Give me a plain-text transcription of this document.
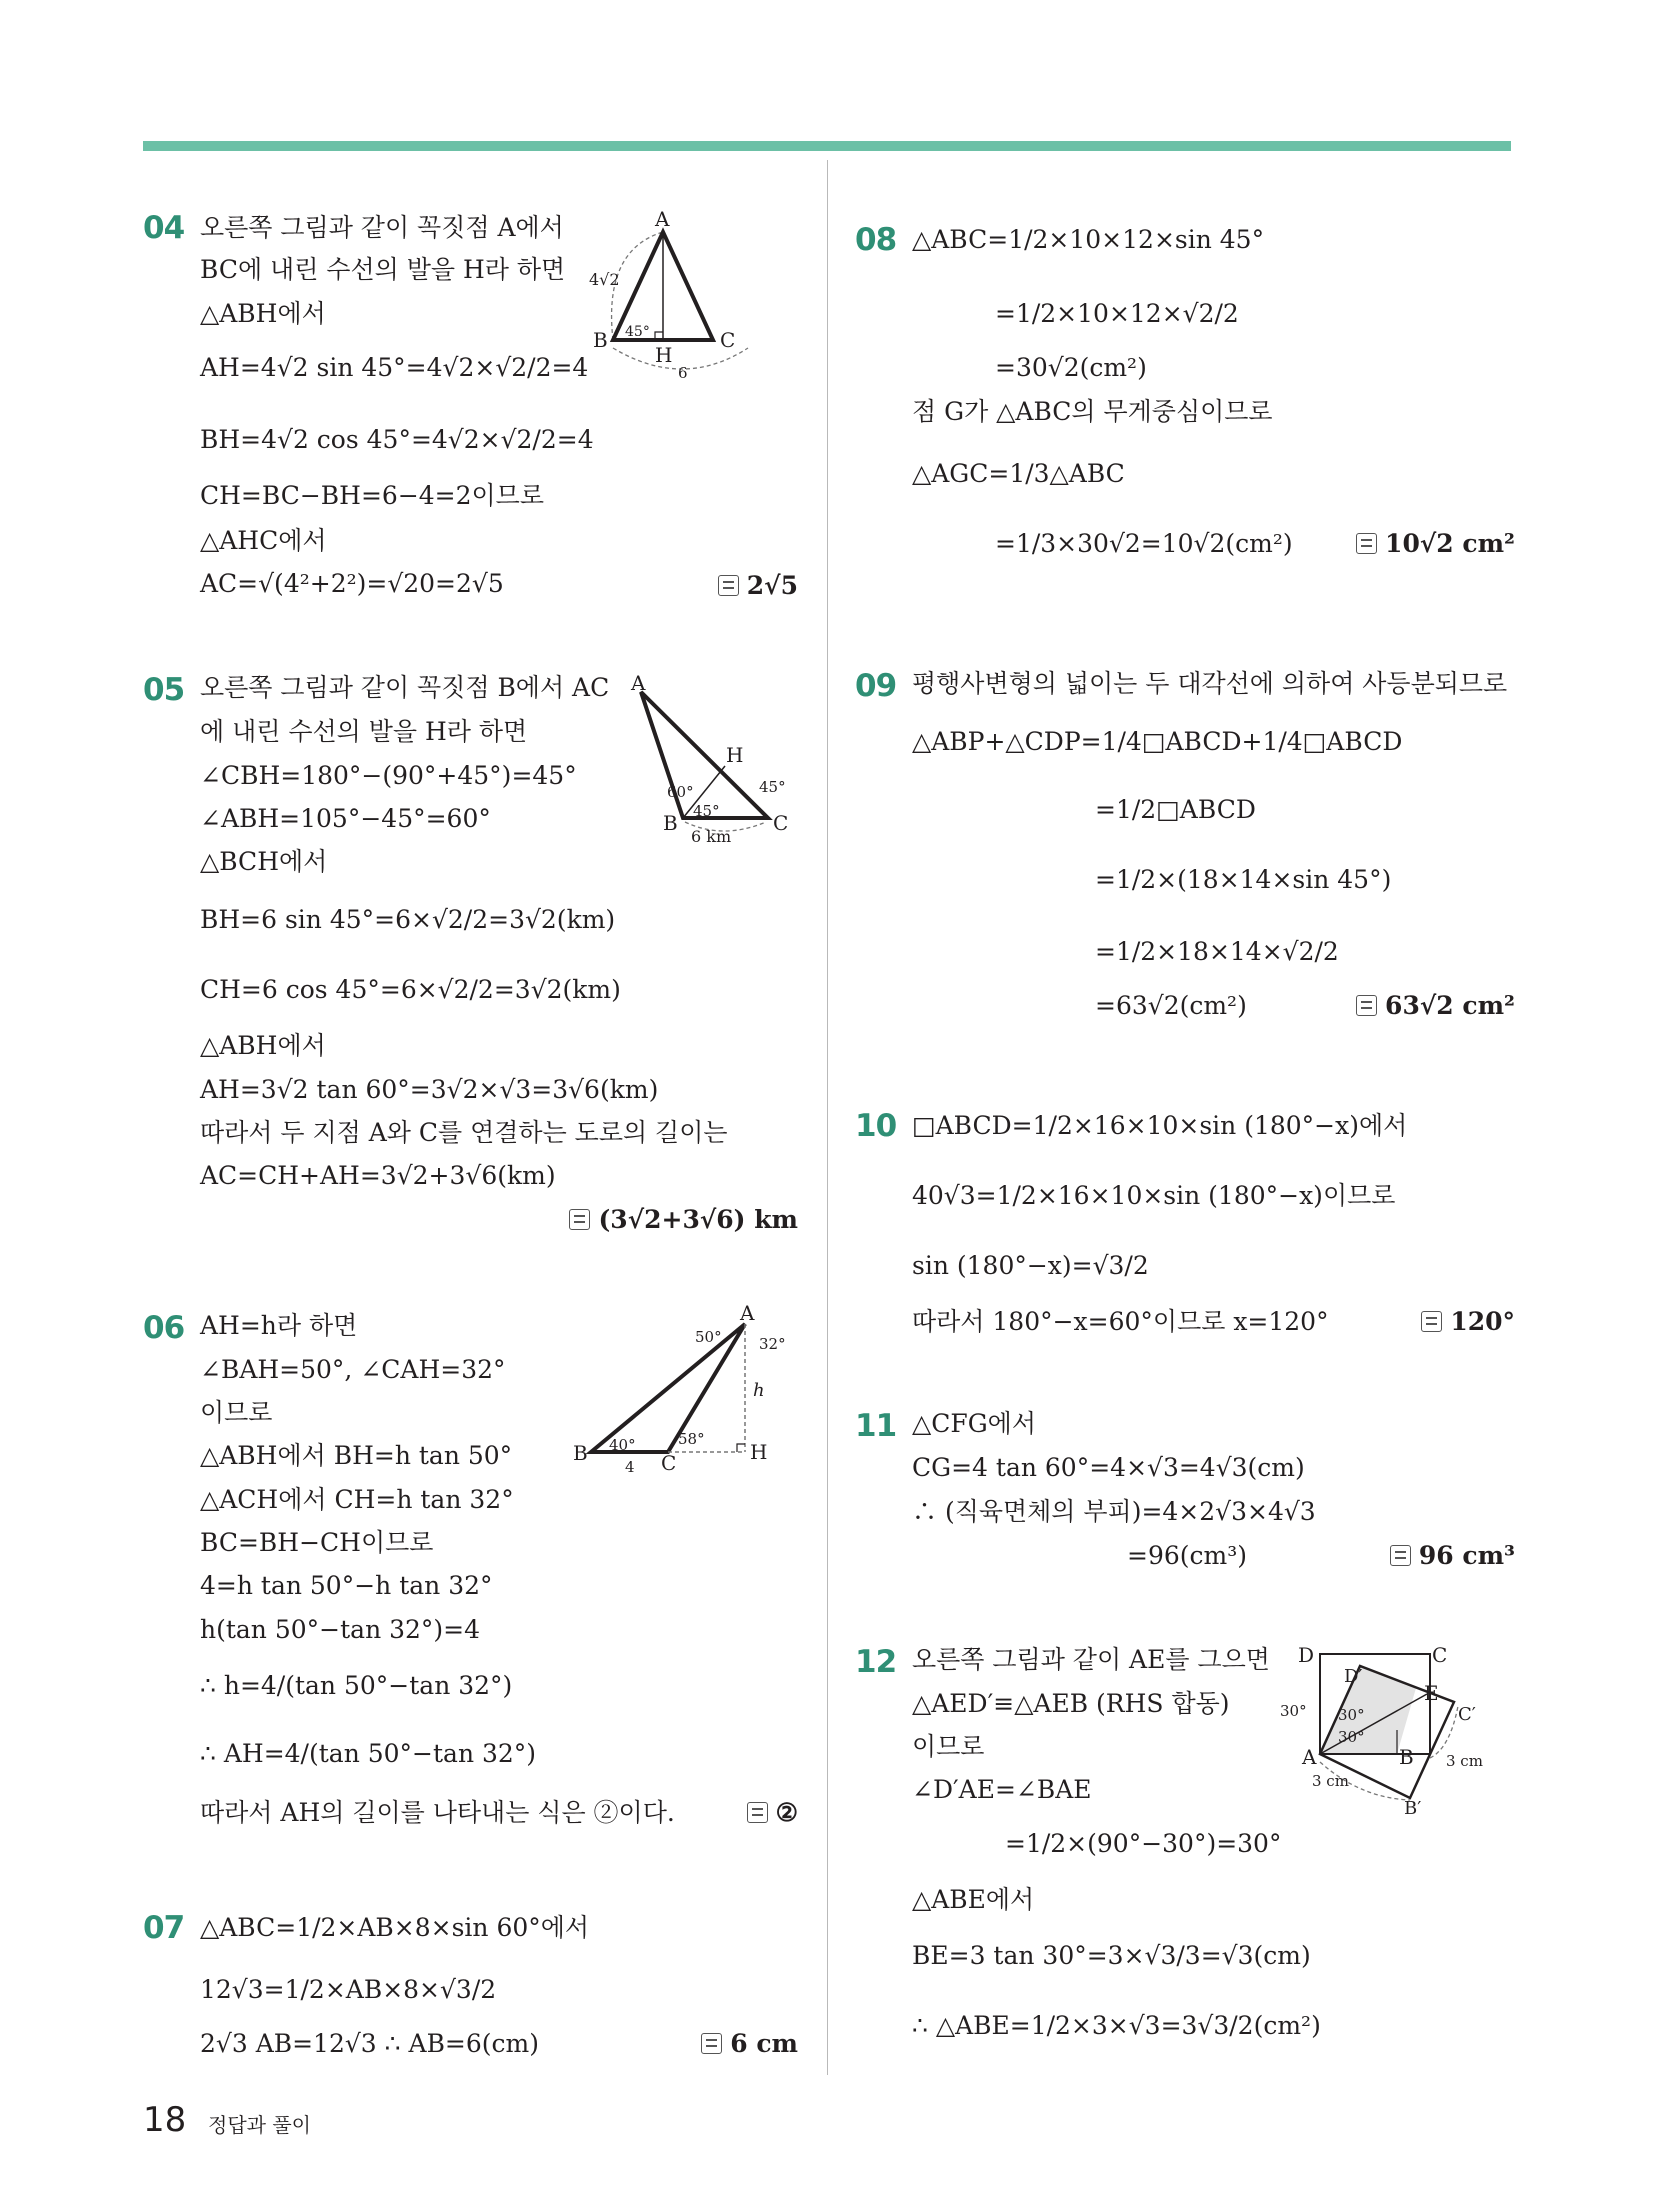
04 오른쪽 그림과 같이 꼭짓점 A에서
BC에 내린 수선의 발을 H라 하면
△ABH에서
AH=4√2 sin 45°=4√2×√2/2=4
BH=4√2 cos 45°=4√2×√2/2=4
CH=BC−BH=6−4=2이므로
△AHC에서
AC=√(4²+2²)=√20=2√5	2√5
A
B	C
H
4√2
45°
6
05 오른쪽 그림과 같이 꼭짓점 B에서 AC
에 내린 수선의 발을 H라 하면
∠CBH=180°−(90°+45°)=45°
∠ABH=105°−45°=60°
△BCH에서
BH=6 sin 45°=6×√2/2=3√2(km)
CH=6 cos 45°=6×√2/2=3√2(km)
△ABH에서
AH=3√2 tan 60°=3√2×√3=3√6(km)
따라서 두 지점 A와 C를 연결하는 도로의 길이는
AC=CH+AH=3√2+3√6(km)
(3√2+3√6) km
A
B	C
H
60°
45°
45°
6 km
06 AH=h라 하면
∠BAH=50°, ∠CAH=32°
이므로
△ABH에서 BH=h tan 50°
△ACH에서 CH=h tan 32°
BC=BH−CH이므로
4=h tan 50°−h tan 32°
h(tan 50°−tan 32°)=4
∴ h=4/(tan 50°−tan 32°)
∴ AH=4/(tan 50°−tan 32°)
따라서 AH의 길이를 나타내는 식은 ②이다.	②
A
B	C	H
50° 32°
40°	58°
h
4
07 △ABC=1/2×AB×8×sin 60°에서
12√3=1/2×AB×8×√3/2
2√3 AB=12√3 ∴ AB=6(cm)	6 cm
08 △ABC=1/2×10×12×sin 45°
=1/2×10×12×√2/2
=30√2(cm²)
점 G가 △ABC의 무게중심이므로
△AGC=1/3△ABC
=1/3×30√2=10√2(cm²)	10√2 cm²
09 평행사변형의 넓이는 두 대각선에 의하여 사등분되므로
△ABP+△CDP=1/4□ABCD+1/4□ABCD
=1/2□ABCD
=1/2×(18×14×sin 45°)
=1/2×18×14×√2/2
=63√2(cm²)	63√2 cm²
10 □ABCD=1/2×16×10×sin (180°−x)에서
40√3=1/2×16×10×sin (180°−x)이므로
sin (180°−x)=√3/2
따라서 180°−x=60°이므로 x=120°	120°
11 △CFG에서
CG=4 tan 60°=4×√3=4√3(cm)
∴ (직육면체의 부피)=4×2√3×4√3
=96(cm³)	96 cm³
12 오른쪽 그림과 같이 AE를 그으면
△AED′≡△AEB (RHS 합동)
이므로
∠D′AE=∠BAE
=1/2×(90°−30°)=30°
△ABE에서
BE=3 tan 30°=3×√3/3=√3(cm)
∴ △ABE=1/2×3×√3=3√3/2(cm²)
D	C
D′
E
C′
A	B
B′
30° 30°
30°
3 cm
3 cm
18 정답과 풀이
